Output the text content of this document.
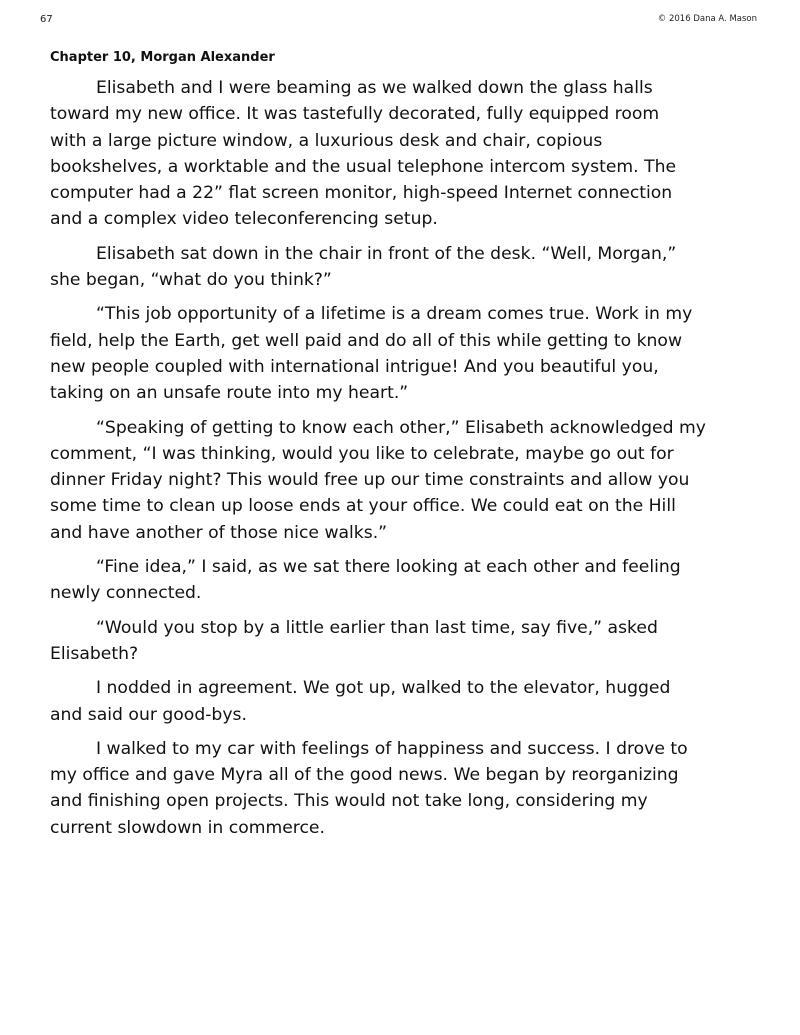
67	© 2016 Dana A. Mason
Chapter 10, Morgan Alexander

Elisabeth and I were beaming as we walked down the glass halls
toward my new office. It was tastefully decorated, fully equipped room
with a large picture window, a luxurious desk and chair, copious
bookshelves, a worktable and the usual telephone intercom system. The
computer had a 22” flat screen monitor, high-speed Internet connection
and a complex video teleconferencing setup.

Elisabeth sat down in the chair in front of the desk. “Well, Morgan,”
she began, “what do you think?”

“This job opportunity of a lifetime is a dream comes true. Work in my
field, help the Earth, get well paid and do all of this while getting to know
new people coupled with international intrigue! And you beautiful you,
taking on an unsafe route into my heart.”

“Speaking of getting to know each other,” Elisabeth acknowledged my
comment, “I was thinking, would you like to celebrate, maybe go out for
dinner Friday night? This would free up our time constraints and allow you
some time to clean up loose ends at your office. We could eat on the Hill
and have another of those nice walks.”

“Fine idea,” I said, as we sat there looking at each other and feeling
newly connected.

“Would you stop by a little earlier than last time, say five,” asked
Elisabeth?

I nodded in agreement. We got up, walked to the elevator, hugged
and said our good-bys.

I walked to my car with feelings of happiness and success. I drove to
my office and gave Myra all of the good news. We began by reorganizing
and finishing open projects. This would not take long, considering my
current slowdown in commerce.
